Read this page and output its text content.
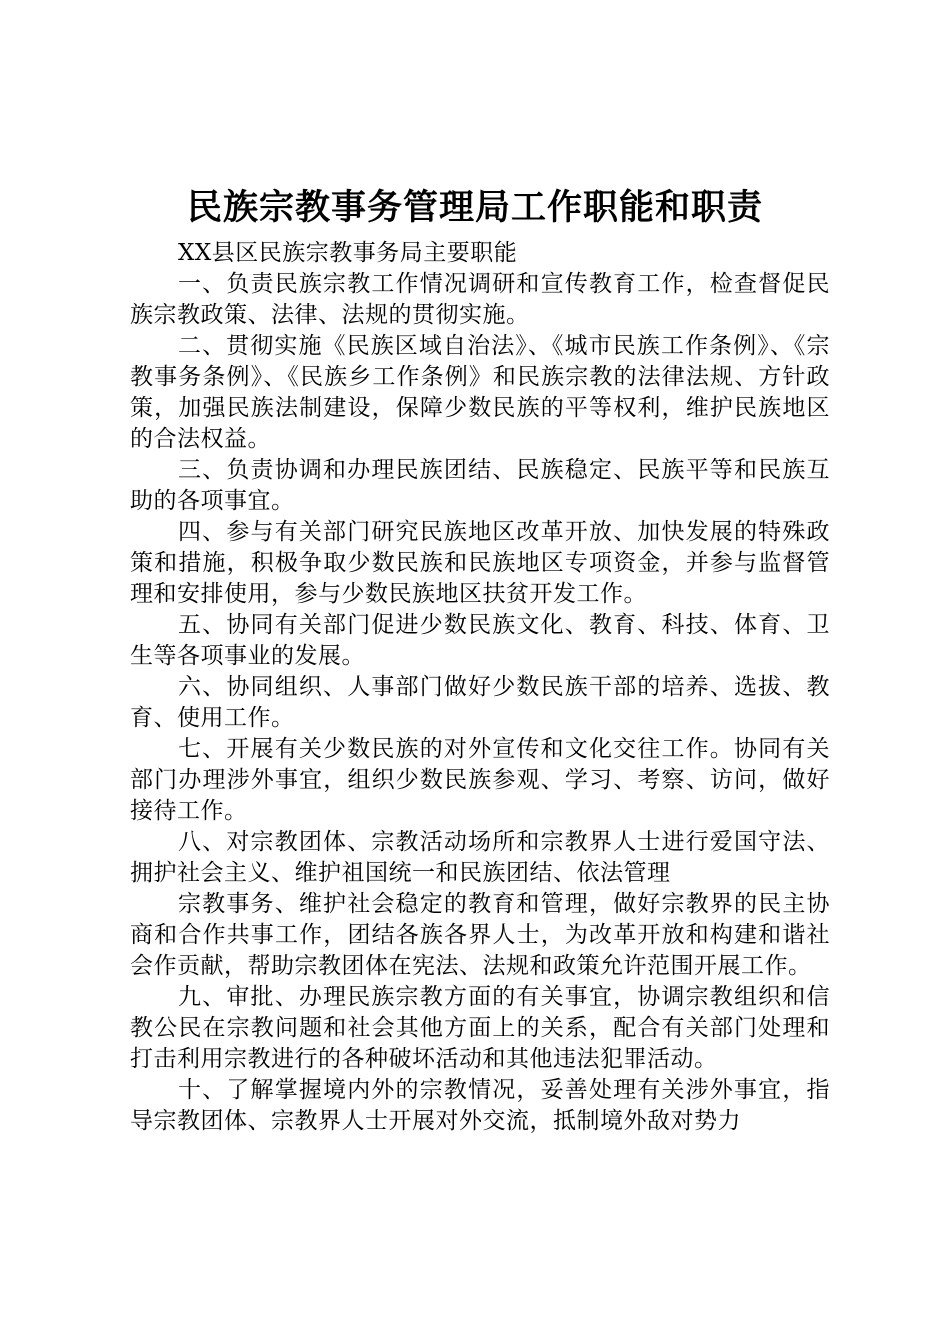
民族宗教事务管理局工作职能和职责

XX县区民族宗教事务局主要职能

一、负责民族宗教工作情况调研和宣传教育工作，检查督促民族宗教政策、法律、法规的贯彻实施。

二、贯彻实施《民族区域自治法》、《城市民族工作条例》、《宗教事务条例》、《民族乡工作条例》和民族宗教的法律法规、方针政策，加强民族法制建设，保障少数民族的平等权利，维护民族地区的合法权益。

三、负责协调和办理民族团结、民族稳定、民族平等和民族互助的各项事宜。

四、参与有关部门研究民族地区改革开放、加快发展的特殊政策和措施，积极争取少数民族和民族地区专项资金，并参与监督管理和安排使用，参与少数民族地区扶贫开发工作。

五、协同有关部门促进少数民族文化、教育、科技、体育、卫生等各项事业的发展。

六、协同组织、人事部门做好少数民族干部的培养、选拔、教育、使用工作。

七、开展有关少数民族的对外宣传和文化交往工作。协同有关部门办理涉外事宜，组织少数民族参观、学习、考察、访问，做好接待工作。

八、对宗教团体、宗教活动场所和宗教界人士进行爱国守法、拥护社会主义、维护祖国统一和民族团结、依法管理

宗教事务、维护社会稳定的教育和管理，做好宗教界的民主协商和合作共事工作，团结各族各界人士，为改革开放和构建和谐社会作贡献，帮助宗教团体在宪法、法规和政策允许范围开展工作。

九、审批、办理民族宗教方面的有关事宜，协调宗教组织和信教公民在宗教问题和社会其他方面上的关系，配合有关部门处理和打击利用宗教进行的各种破坏活动和其他违法犯罪活动。

十、了解掌握境内外的宗教情况，妥善处理有关涉外事宜，指导宗教团体、宗教界人士开展对外交流，抵制境外敌对势力
